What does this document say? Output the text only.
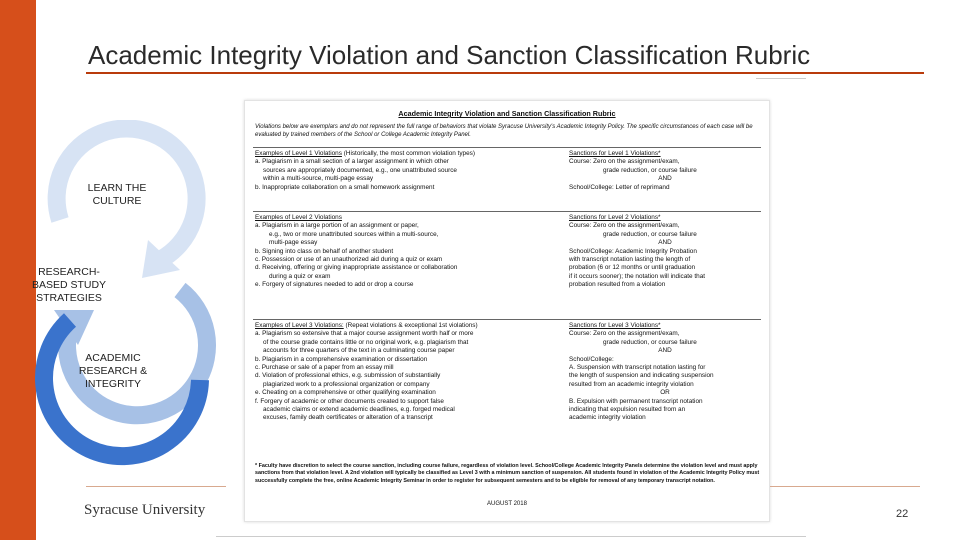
Academic Integrity Violation and Sanction Classification Rubric
LEARN THE
CULTURE
RESEARCH-
BASED STUDY
STRATEGIES
ACADEMIC
RESEARCH &
INTEGRITY
Academic Integrity Violation and Sanction Classification Rubric
Violations below are exemplars and do not represent the full range of behaviors that violate Syracuse University's Academic Integrity Policy. The specific circumstances of each case will be evaluated by trained members of the School or College Academic Integrity Panel.
Examples of Level 1 Violations (Historically, the most common violation types)
a. Plagiarism in a small section of a larger assignment in which other
sources are appropriately documented, e.g., one unattributed source
within a multi-source, multi-page essay
b. Inappropriate collaboration on a small homework assignment
Sanctions for Level 1 Violations*
Course: Zero on the assignment/exam,
grade reduction, or course failure
AND
School/College: Letter of reprimand
Examples of Level 2 Violations
a. Plagiarism in a large portion of an assignment or paper,
e.g., two or more unattributed sources within a multi-source,
multi-page essay
b. Signing into class on behalf of another student
c. Possession or use of an unauthorized aid during a quiz or exam
d. Receiving, offering or giving inappropriate assistance or collaboration
during a quiz or exam
e. Forgery of signatures needed to add or drop a course
Sanctions for Level 2 Violations*
Course: Zero on the assignment/exam,
grade reduction, or course failure
AND
School/College: Academic Integrity Probation
with transcript notation lasting the length of
probation (6 or 12 months or until graduation
if it occurs sooner); the notation will indicate that
probation resulted from a violation
Examples of Level 3 Violations: (Repeat violations & exceptional 1st violations)
a. Plagiarism so extensive that a major course assignment worth half or more
of the course grade contains little or no original work, e.g. plagiarism that
accounts for three quarters of the text in a culminating course paper
b. Plagiarism in a comprehensive examination or dissertation
c. Purchase or sale of a paper from an essay mill
d. Violation of professional ethics, e.g. submission of substantially
plagiarized work to a professional organization or company
e. Cheating on a comprehensive or other qualifying examination
f. Forgery of academic or other documents created to support false
academic claims or extend academic deadlines, e.g. forged medical
excuses, family death certificates or alteration of a transcript
Sanctions for Level 3 Violations*
Course: Zero on the assignment/exam,
grade reduction, or course failure
AND
School/College:
A. Suspension with transcript notation lasting for
the length of suspension and indicating suspension
resulted from an academic integrity violation
OR
B. Expulsion with permanent transcript notation
indicating that expulsion resulted from an
academic integrity violation
* Faculty have discretion to select the course sanction, including course failure, regardless of violation level. School/College Academic Integrity Panels determine the violation level and must apply sanctions from that violation level. A 2nd violation will typically be classified as Level 3 with a minimum sanction of suspension. All students found in violation of the Academic Integrity Policy must successfully complete the free, online Academic Integrity Seminar in order to register for subsequent semesters and to be eligible for removal of any temporary transcript notation.
AUGUST 2018
Syracuse University	22
